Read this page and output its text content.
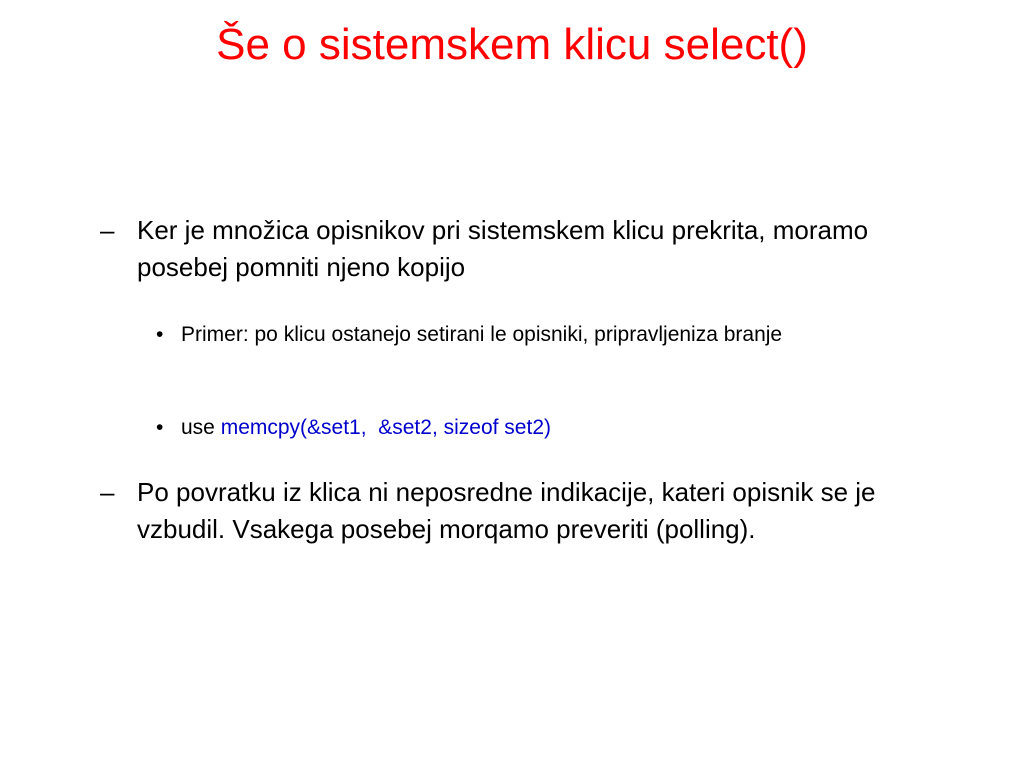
Še o sistemskem klicu select()
– Ker je množica opisnikov pri sistemskem klicu prekrita, moramo posebej pomniti njeno kopijo
• Primer: po klicu ostanejo setirani le opisniki, pripravljeniza branje
• use memcpy(&set1,  &set2, sizeof set2)
– Po povratku iz klica ni neposredne indikacije, kateri opisnik se je vzbudil. Vsakega posebej morqamo preveriti (polling).
